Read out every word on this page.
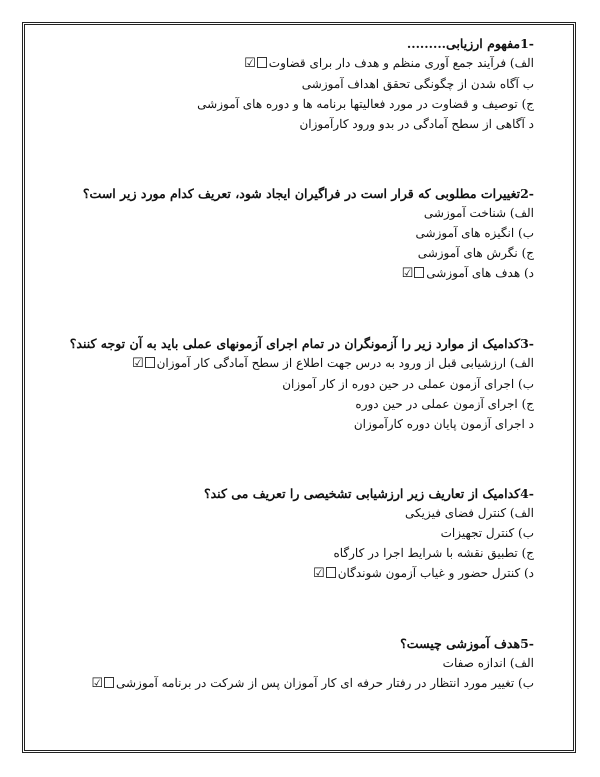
-1مفهوم ارزیابی.........
الف) فرآیند جمع آوری منظم و هدف دار برای قضاوت☑
ب آگاه شدن از چگونگی تحقق اهداف آموزشی
ج) توصیف و قضاوت در مورد فعالیتها برنامه ها و دوره های آموزشی
د آگاهی از سطح آمادگی در بدو ورود کارآموزان
-2تغییرات مطلوبی که قرار است در فراگیران ایجاد شود، تعریف کدام مورد زیر است؟
الف) شناخت آموزشی
ب) انگیزه های آموزشی
ج) نگرش های آموزشی
د) هدف های آموزشی☑
-3کدامیک از موارد زیر را آزمونگران در تمام اجرای آزمونهای عملی باید به آن توجه کنند؟
الف) ارزشیابی قبل از ورود به درس جهت اطلاع از سطح آمادگی کار آموزان☑
ب) اجرای آزمون عملی در حین دوره از کار آموزان
ج) اجرای آزمون عملی در حین دوره
د اجرای آزمون پایان دوره کارآموزان
-4کدامیک از تعاریف زیر ارزشیابی تشخیصی را تعریف می کند؟
الف) کنترل فضای فیزیکی
ب) کنترل تجهیزات
ج) تطبیق نقشه با شرایط اجرا در کارگاه
د) کنترل حضور و غیاب آزمون شوندگان☑
-5هدف آموزشی چیست؟
الف) اندازه صفات
ب) تغییر مورد انتظار در رفتار حرفه ای کار آموزان پس از شرکت در برنامه آموزشی☑
